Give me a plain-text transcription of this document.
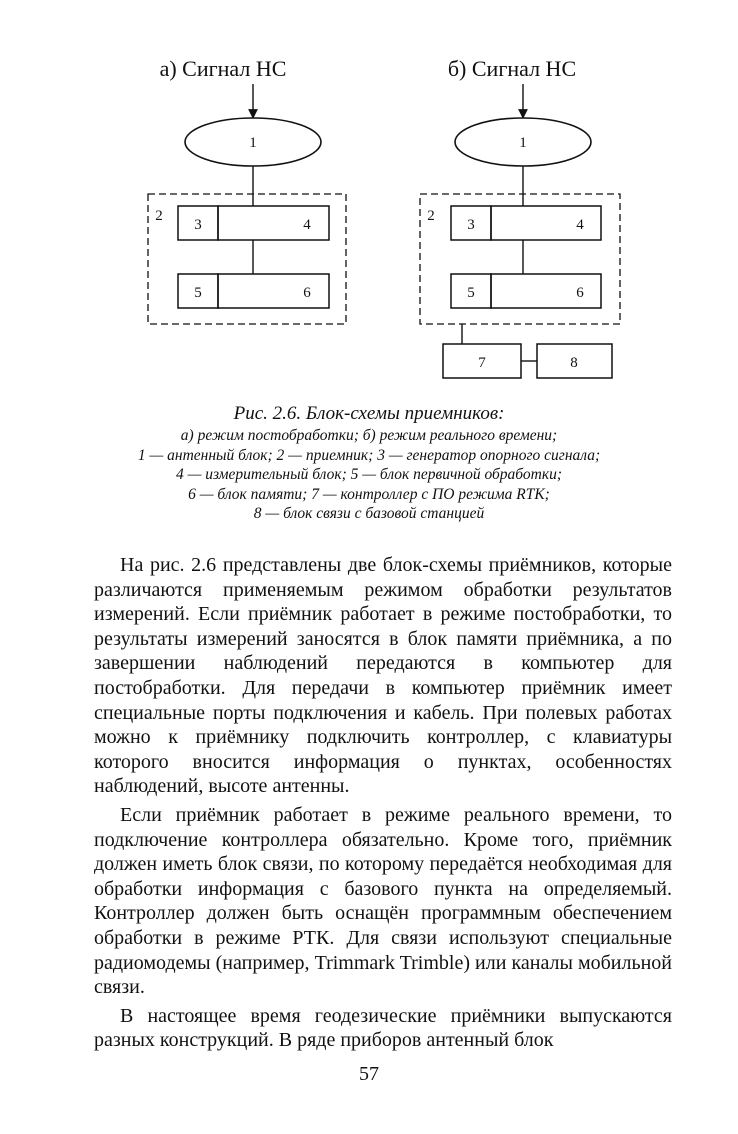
а) Сигнал НС
1
2
3	4
5	6
б) Сигнал НС
1
2
3	4
5	6
7	8
Рис. 2.6. Блок-схемы приемников:
а) режим постобработки; б) режим реального времени;
1 — антенный блок; 2 — приемник; 3 — генератор опорного сигнала;
4 — измерительный блок; 5 — блок первичной обработки;
6 — блок памяти; 7 — контроллер с ПО режима RTK;
8 — блок связи с базовой станцией

На рис. 2.6 представлены две блок-схемы приёмников, которые различаются применяемым режимом обработки результатов измерений. Если приёмник работает в режиме постобработки, то результаты измерений заносятся в блок памяти приёмника, а по завершении наблюдений передаются в компьютер для постобработки. Для передачи в компьютер приёмник имеет специальные порты подключения и кабель. При полевых работах можно к приёмнику подключить контроллер, с клавиатуры которого вносится информация о пунктах, особенностях наблюдений, высоте антенны.

Если приёмник работает в режиме реального времени, то подключение контроллера обязательно. Кроме того, приёмник должен иметь блок связи, по которому передаётся необходимая для обработки информация с базового пункта на определяемый. Контроллер должен быть оснащён программным обеспечением обработки в режиме РТК. Для связи используют специальные радиомодемы (например, Trimmark Trimble) или каналы мобильной связи.

В настоящее время геодезические приёмники выпускаются разных конструкций. В ряде приборов антенный блок

57
